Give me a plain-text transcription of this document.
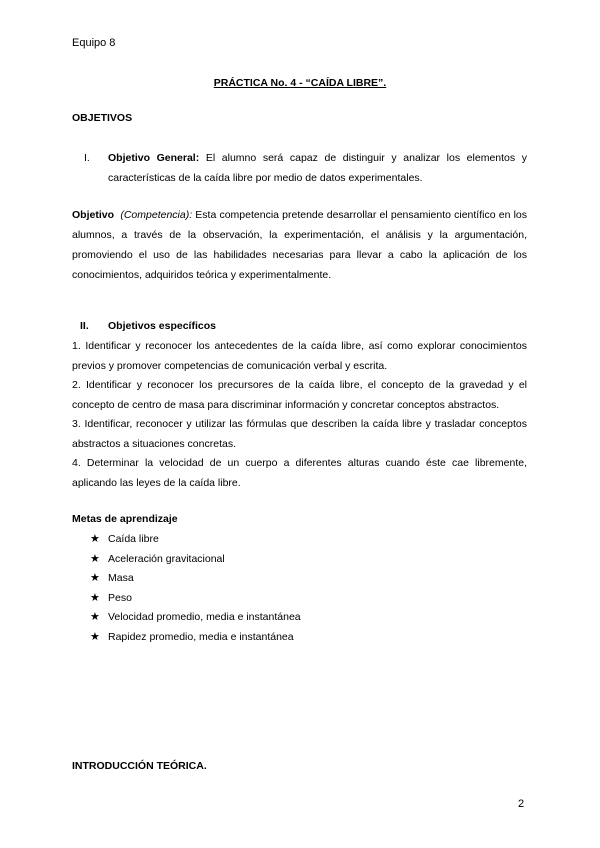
Equipo 8
PRÁCTICA No. 4 - “CAÍDA LIBRE”.
OBJETIVOS
I. Objetivo General: El alumno será capaz de distinguir y analizar los elementos y características de la caída libre por medio de datos experimentales.
Objetivo (Competencia): Esta competencia pretende desarrollar el pensamiento científico en los alumnos, a través de la observación, la experimentación, el análisis y la argumentación, promoviendo el uso de las habilidades necesarias para llevar a cabo la aplicación de los conocimientos, adquiridos teórica y experimentalmente.
II. Objetivos específicos

1. Identificar y reconocer los antecedentes de la caída libre, así como explorar conocimientos previos y promover competencias de comunicación verbal y escrita.

2. Identificar y reconocer los precursores de la caída libre, el concepto de la gravedad y el concepto de centro de masa para discriminar información y concretar conceptos abstractos.

3. Identificar, reconocer y utilizar las fórmulas que describen la caída libre y trasladar conceptos abstractos a situaciones concretas.

4. Determinar la velocidad de un cuerpo a diferentes alturas cuando éste cae libremente, aplicando las leyes de la caída libre.

Metas de aprendizaje
★ Caída libre
★ Aceleración gravitacional
★ Masa
★ Peso
★ Velocidad promedio, media e instantánea
★ Rapidez promedio, media e instantánea
INTRODUCCIÓN TEÓRICA.
2
